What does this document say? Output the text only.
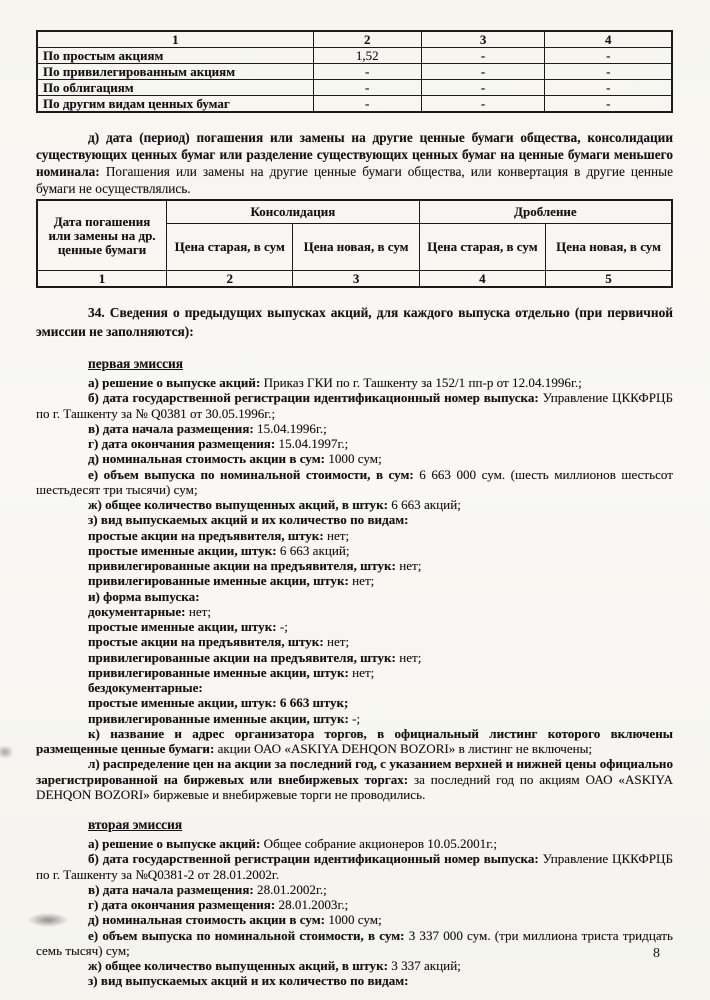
1	2	3	4
По простым акциям	1,52	-	-
По привилегированным акциям	-	-	-
По облигациям	-	-	-
По другим видам ценных бумаг	-	-	-

д) дата (период) погашения или замены на другие ценные бумаги общества, консолидации существующих ценных бумаг или разделение существующих ценных бумаг на ценные бумаги меньшего номинала: Погашения или замены на другие ценные бумаги общества, или конвертация в другие ценные бумаги не осуществлялись.

Дата погашения или замены на др. ценные бумаги	Консолидация		Дробление	
	Цена старая, в сум	Цена новая, в сум	Цена старая, в сум	Цена новая, в сум
1	2	3	4	5

34. Сведения о предыдущих выпусках акций, для каждого выпуска отдельно (при первичной эмиссии не заполняются):

первая эмиссия

а) решение о выпуске акций: Приказ ГКИ по г. Ташкенту за 152/1 пп-р от 12.04.1996г.;

б) дата государственной регистрации идентификационный номер выпуска: Управление ЦККФРЦБ по г. Ташкенту за № Q0381 от 30.05.1996г.;

в) дата начала размещения: 15.04.1996г.;

г) дата окончания размещения: 15.04.1997г.;

д) номинальная стоимость акции в сум: 1000 сум;

е) объем выпуска по номинальной стоимости, в сум: 6 663 000 сум. (шесть миллионов шестьсот шестьдесят три тысячи) сум;

ж) общее количество выпущенных акций, в штук: 6 663 акций;

з) вид выпускаемых акций и их количество по видам:

простые акции на предъявителя, штук: нет;

простые именные акции, штук: 6 663 акций;

привилегированные акции на предъявителя, штук: нет;

привилегированные именные акции, штук: нет;

и) форма выпуска:

документарные: нет;

простые именные акции, штук: -;

простые акции на предъявителя, штук: нет;

привилегированные акции на предъявителя, штук: нет;

привилегированные именные акции, штук: нет;

бездокументарные:

простые именные акции, штук: 6 663 штук;

привилегированные именные акции, штук: -;

к) название и адрес организатора торгов, в официальный листинг которого включены размещенные ценные бумаги: акции ОАО «ASKIYA DEHQON BOZORI» в листинг не включены;

л) распределение цен на акции за последний год, с указанием верхней и нижней цены официально зарегистрированной на биржевых или внебиржевых торгах: за последний год по акциям ОАО «ASKIYA DEHQON BOZORI» биржевые и внебиржевые торги не проводились.

вторая эмиссия

а) решение о выпуске акций: Общее собрание акционеров 10.05.2001г.;

б) дата государственной регистрации идентификационный номер выпуска: Управление ЦККФРЦБ по г. Ташкенту за №Q0381-2 от 28.01.2002г.

в) дата начала размещения: 28.01.2002г.;

г) дата окончания размещения: 28.01.2003г.;

д) номинальная стоимость акции в сум: 1000 сум;

е) объем выпуска по номинальной стоимости, в сум: 3 337 000 сум. (три миллиона триста тридцать семь тысяч) сум;

ж) общее количество выпущенных акций, в штук: 3 337 акций;

з) вид выпускаемых акций и их количество по видам:

8
